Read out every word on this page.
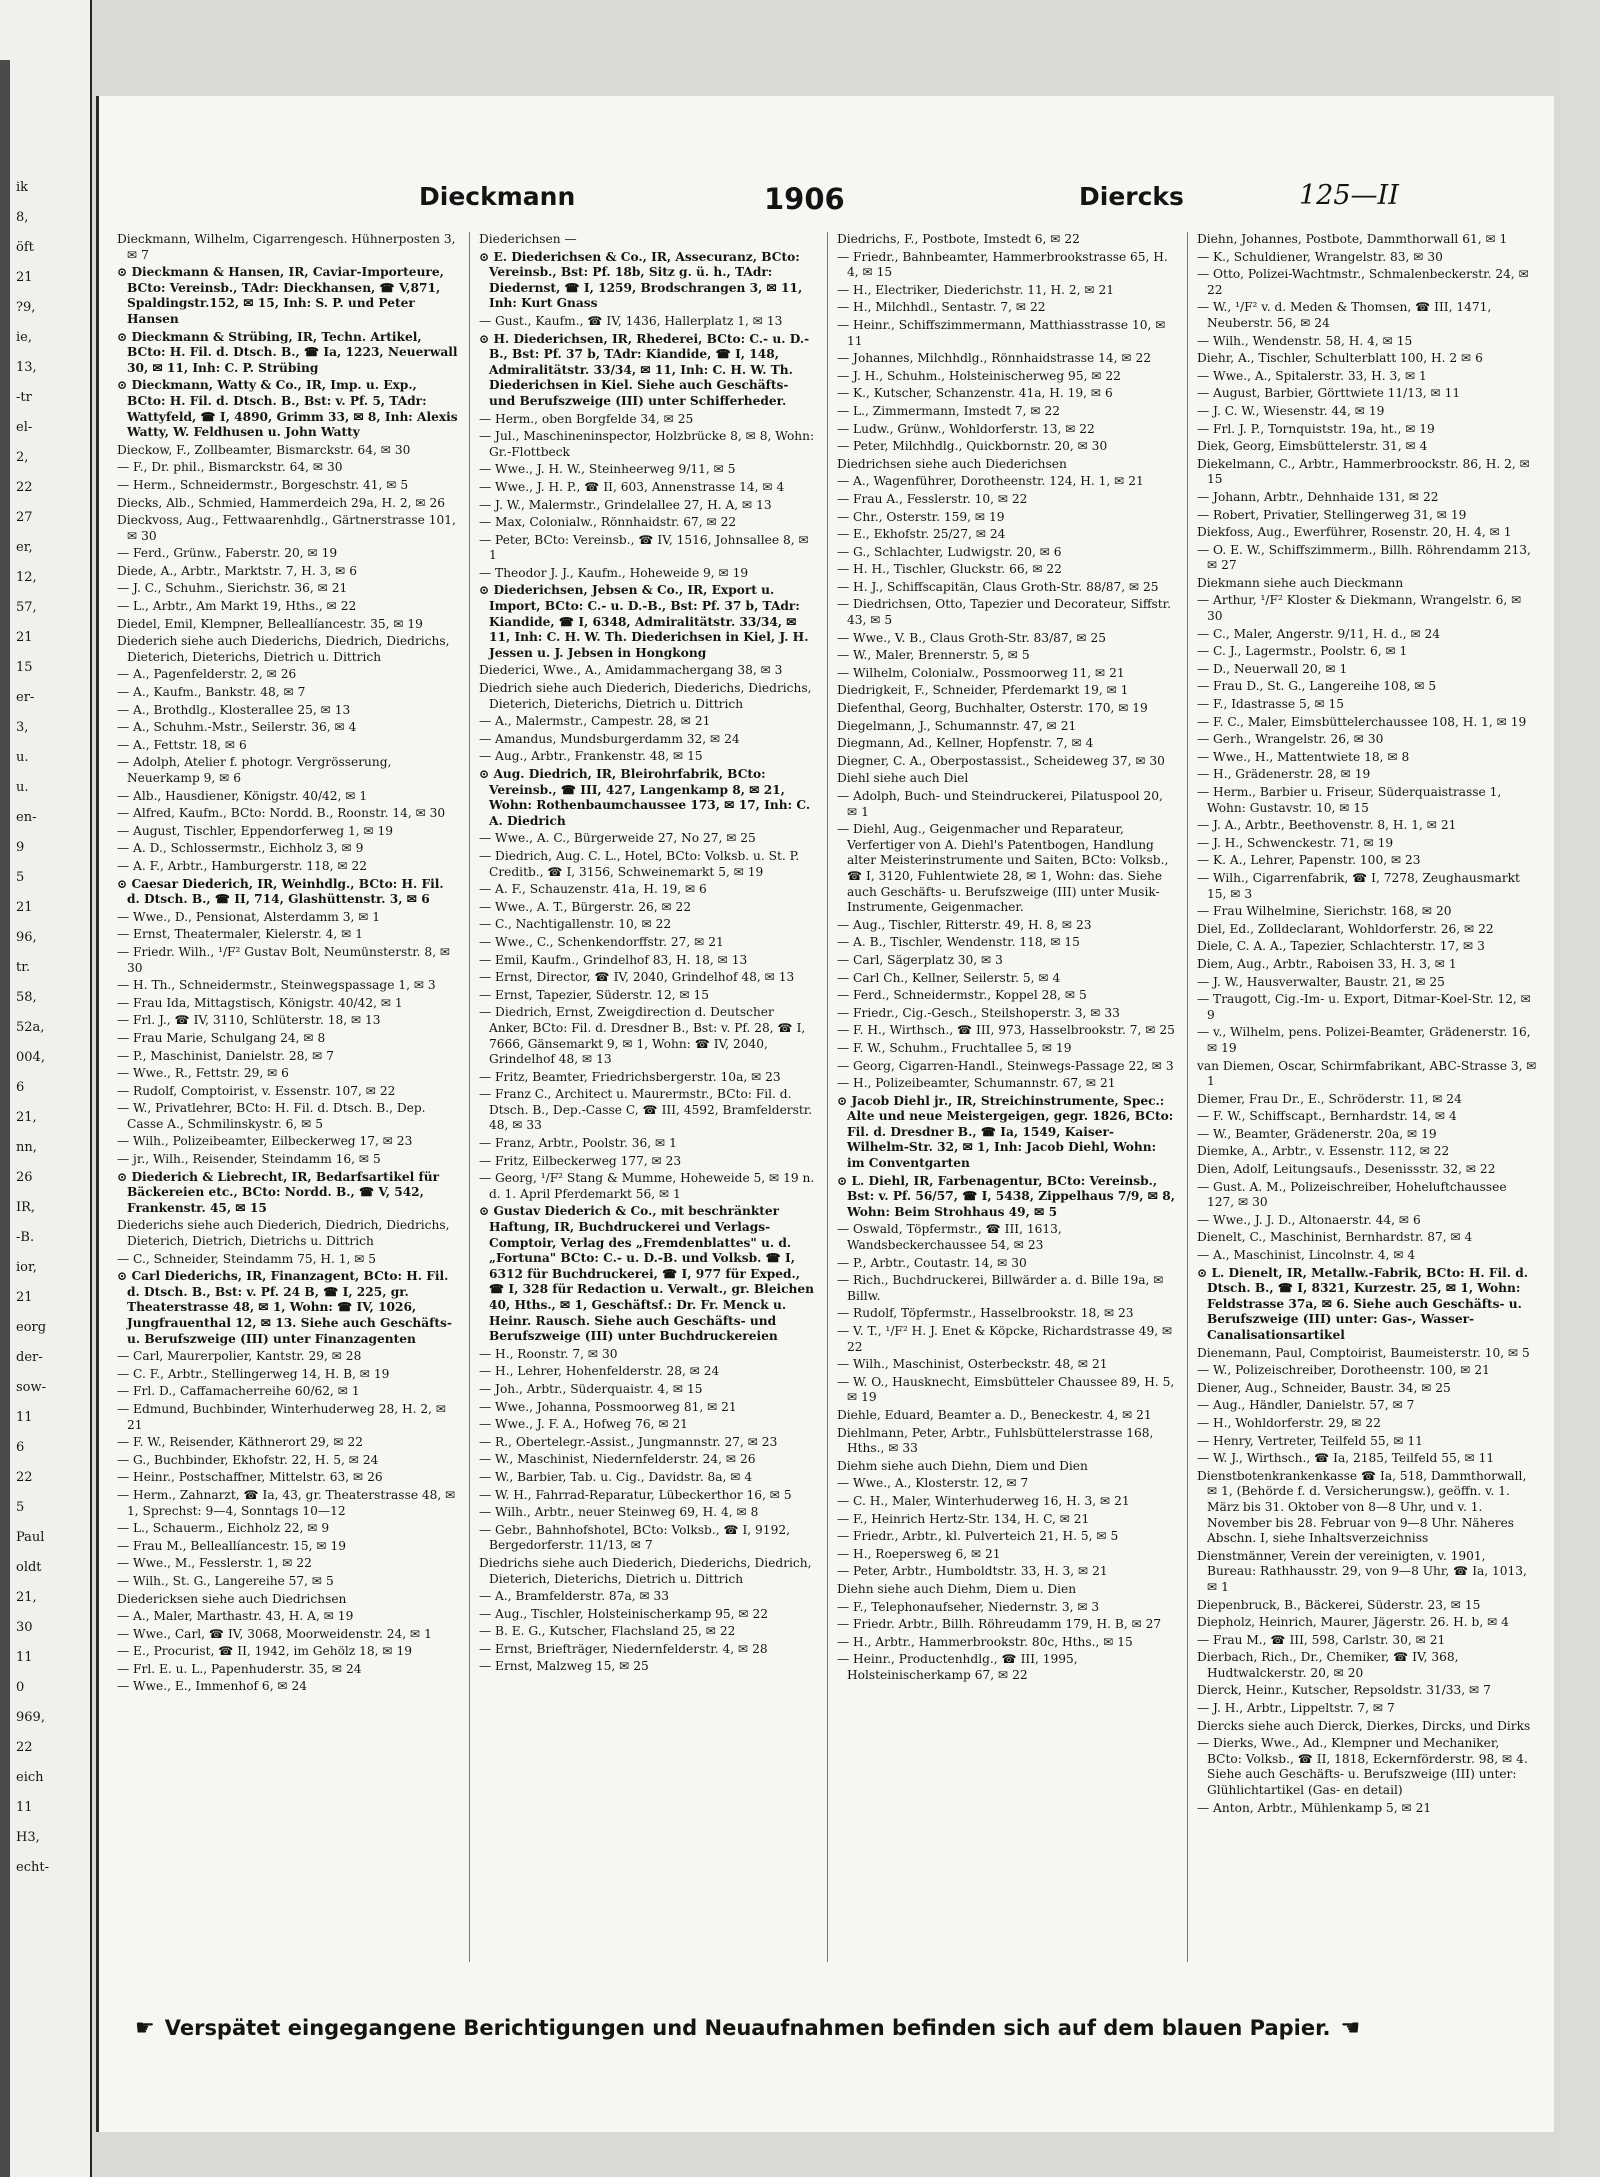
ik
8,
öft
21
?9,
ie,
13,
-tr
el-
2,
22
27
er,
12,
57,
21
15
er-
3,
u.
u.
en-
9
5
21
96,
tr.
58,
52a,
004,
6
21,
nn,
26
IR,
-B.
ior,
21
eorg
der-
sow-
11
6
22
5
Paul
oldt
21,
30
11
0
969,
22
eich
11
H3,
echt-
Dieckmann	1906	Diercks	125—II
Dieckmann, Wilhelm, Cigarrengesch. Hühnerposten 3, ✉ 7
⊙ Dieckmann & Hansen, IR, Caviar-Importeure, BCto: Vereinsb., TAdr: Dieckhansen, ☎ V,871, Spaldingstr.152, ✉ 15, Inh: S. P. und Peter Hansen
⊙ Dieckmann & Strübing, IR, Techn. Artikel, BCto: H. Fil. d. Dtsch. B., ☎ Ia, 1223, Neuerwall 30, ✉ 11, Inh: C. P. Strübing
⊙ Dieckmann, Watty & Co., IR, Imp. u. Exp., BCto: H. Fil. d. Dtsch. B., Bst: v. Pf. 5, TAdr: Wattyfeld, ☎ I, 4890, Grimm 33, ✉ 8, Inh: Alexis Watty, W. Feldhusen u. John Watty
Dieckow, F., Zollbeamter, Bismarckstr. 64, ✉ 30
— F., Dr. phil., Bismarckstr. 64, ✉ 30
— Herm., Schneidermstr., Borgeschstr. 41, ✉ 5
Diecks, Alb., Schmied, Hammerdeich 29a, H. 2, ✉ 26
Dieckvoss, Aug., Fettwaarenhdlg., Gärtnerstrasse 101, ✉ 30
— Ferd., Grünw., Faberstr. 20, ✉ 19
Diede, A., Arbtr., Marktstr. 7, H. 3, ✉ 6
— J. C., Schuhm., Sierichstr. 36, ✉ 21
— L., Arbtr., Am Markt 19, Hths., ✉ 22
Diedel, Emil, Klempner, Belleallíancestr. 35, ✉ 19
Diederich siehe auch Diederichs, Diedrich, Diedrichs, Dieterich, Dieterichs, Dietrich u. Dittrich
— A., Pagenfelderstr. 2, ✉ 26
— A., Kaufm., Bankstr. 48, ✉ 7
— A., Brothdlg., Klosterallee 25, ✉ 13
— A., Schuhm.-Mstr., Seilerstr. 36, ✉ 4
— A., Fettstr. 18, ✉ 6
— Adolph, Atelier f. photogr. Vergrösserung, Neuerkamp 9, ✉ 6
— Alb., Hausdiener, Königstr. 40/42, ✉ 1
— Alfred, Kaufm., BCto: Nordd. B., Roonstr. 14, ✉ 30
— August, Tischler, Eppendorferweg 1, ✉ 19
— A. D., Schlossermstr., Eichholz 3, ✉ 9
— A. F., Arbtr., Hamburgerstr. 118, ✉ 22
⊙ Caesar Diederich, IR, Weinhdlg., BCto: H. Fil. d. Dtsch. B., ☎ II, 714, Glashüttenstr. 3, ✉ 6
— Wwe., D., Pensionat, Alsterdamm 3, ✉ 1
— Ernst, Theatermaler, Kielerstr. 4, ✉ 1
— Friedr. Wilh., ¹/F² Gustav Bolt, Neumünsterstr. 8, ✉ 30
— H. Th., Schneidermstr., Steinwegspassage 1, ✉ 3
— Frau Ida, Mittagstisch, Königstr. 40/42, ✉ 1
— Frl. J., ☎ IV, 3110, Schlüterstr. 18, ✉ 13
— Frau Marie, Schulgang 24, ✉ 8
— P., Maschinist, Danielstr. 28, ✉ 7
— Wwe., R., Fettstr. 29, ✉ 6
— Rudolf, Comptoirist, v. Essenstr. 107, ✉ 22
— W., Privatlehrer, BCto: H. Fil. d. Dtsch. B., Dep. Casse A., Schmilinskystr. 6, ✉ 5
— Wilh., Polizeibeamter, Eilbeckerweg 17, ✉ 23
— jr., Wilh., Reisender, Steindamm 16, ✉ 5
⊙ Diederich & Liebrecht, IR, Bedarfsartikel für Bäckereien etc., BCto: Nordd. B., ☎ V, 542, Frankenstr. 45, ✉ 15
Diederichs siehe auch Diederich, Diedrich, Diedrichs, Dieterich, Dietrich, Dietrichs u. Dittrich
— C., Schneider, Steindamm 75, H. 1, ✉ 5
⊙ Carl Diederichs, IR, Finanzagent, BCto: H. Fil. d. Dtsch. B., Bst: v. Pf. 24 B, ☎ I, 225, gr. Theaterstrasse 48, ✉ 1, Wohn: ☎ IV, 1026, Jungfrauenthal 12, ✉ 13. Siehe auch Geschäfts- u. Berufszweige (III) unter Finanzagenten
— Carl, Maurerpolier, Kantstr. 29, ✉ 28
— C. F., Arbtr., Stellingerweg 14, H. B, ✉ 19
— Frl. D., Caffamacherreihe 60/62, ✉ 1
— Edmund, Buchbinder, Winterhuderweg 28, H. 2, ✉ 21
— F. W., Reisender, Käthnerort 29, ✉ 22
— G., Buchbinder, Ekhofstr. 22, H. 5, ✉ 24
— Heinr., Postschaffner, Mittelstr. 63, ✉ 26
— Herm., Zahnarzt, ☎ Ia, 43, gr. Theaterstrasse 48, ✉ 1, Sprechst: 9—4, Sonntags 10—12
— L., Schauerm., Eichholz 22, ✉ 9
— Frau M., Belleallíancestr. 15, ✉ 19
— Wwe., M., Fesslerstr. 1, ✉ 22
— Wilh., St. G., Langereihe 57, ✉ 5
Diedericksen siehe auch Diedrichsen
— A., Maler, Marthastr. 43, H. A, ✉ 19
— Wwe., Carl, ☎ IV, 3068, Moorweidenstr. 24, ✉ 1
— E., Procurist, ☎ II, 1942, im Gehölz 18, ✉ 19
— Frl. E. u. L., Papenhuderstr. 35, ✉ 24
— Wwe., E., Immenhof 6, ✉ 24
Diederichsen —
⊙ E. Diederichsen & Co., IR, Assecuranz, BCto: Vereinsb., Bst: Pf. 18b, Sitz g. ü. h., TAdr: Diedernst, ☎ I, 1259, Brodschrangen 3, ✉ 11, Inh: Kurt Gnass
— Gust., Kaufm., ☎ IV, 1436, Hallerplatz 1, ✉ 13
⊙ H. Diederichsen, IR, Rhederei, BCto: C.- u. D.-B., Bst: Pf. 37 b, TAdr: Kiandide, ☎ I, 148, Admiralitätstr. 33/34, ✉ 11, Inh: C. H. W. Th. Diederichsen in Kiel. Siehe auch Geschäfts- und Berufszweige (III) unter Schifferheder.
— Herm., oben Borgfelde 34, ✉ 25
— Jul., Maschineninspector, Holzbrücke 8, ✉ 8, Wohn: Gr.-Flottbeck
— Wwe., J. H. W., Steinheerweg 9/11, ✉ 5
— Wwe., J. H. P., ☎ II, 603, Annenstrasse 14, ✉ 4
— J. W., Malermstr., Grindelallee 27, H. A, ✉ 13
— Max, Colonialw., Rönnhaidstr. 67, ✉ 22
— Peter, BCto: Vereinsb., ☎ IV, 1516, Johnsallee 8, ✉ 1
— Theodor J. J., Kaufm., Hoheweide 9, ✉ 19
⊙ Diederichsen, Jebsen & Co., IR, Export u. Import, BCto: C.- u. D.-B., Bst: Pf. 37 b, TAdr: Kiandide, ☎ I, 6348, Admiralitätstr. 33/34, ✉ 11, Inh: C. H. W. Th. Diederichsen in Kiel, J. H. Jessen u. J. Jebsen in Hongkong
Diederici, Wwe., A., Amidammachergang 38, ✉ 3
Diedrich siehe auch Diederich, Diederichs, Diedrichs, Dieterich, Dieterichs, Dietrich u. Dittrich
— A., Malermstr., Campestr. 28, ✉ 21
— Amandus, Mundsburgerdamm 32, ✉ 24
— Aug., Arbtr., Frankenstr. 48, ✉ 15
⊙ Aug. Diedrich, IR, Bleirohrfabrik, BCto: Vereinsb., ☎ III, 427, Langenkamp 8, ✉ 21, Wohn: Rothenbaumchaussee 173, ✉ 17, Inh: C. A. Diedrich
— Wwe., A. C., Bürgerweide 27, No 27, ✉ 25
— Diedrich, Aug. C. L., Hotel, BCto: Volksb. u. St. P. Creditb., ☎ I, 3156, Schweinemarkt 5, ✉ 19
— A. F., Schauzenstr. 41a, H. 19, ✉ 6
— Wwe., A. T., Bürgerstr. 26, ✉ 22
— C., Nachtigallenstr. 10, ✉ 22
— Wwe., C., Schenkendorffstr. 27, ✉ 21
— Emil, Kaufm., Grindelhof 83, H. 18, ✉ 13
— Ernst, Director, ☎ IV, 2040, Grindelhof 48, ✉ 13
— Ernst, Tapezier, Süderstr. 12, ✉ 15
— Diedrich, Ernst, Zweigdirection d. Deutscher Anker, BCto: Fil. d. Dresdner B., Bst: v. Pf. 28, ☎ I, 7666, Gänsemarkt 9, ✉ 1, Wohn: ☎ IV, 2040, Grindelhof 48, ✉ 13
— Fritz, Beamter, Friedrichsbergerstr. 10a, ✉ 23
— Franz C., Architect u. Maurermstr., BCto: Fil. d. Dtsch. B., Dep.-Casse C, ☎ III, 4592, Bramfelderstr. 48, ✉ 33
— Franz, Arbtr., Poolstr. 36, ✉ 1
— Fritz, Eilbeckerweg 177, ✉ 23
— Georg, ¹/F² Stang & Mumme, Hoheweide 5, ✉ 19 n. d. 1. April Pferdemarkt 56, ✉ 1
⊙ Gustav Diederich & Co., mit beschränkter Haftung, IR, Buchdruckerei und Verlags-Comptoir, Verlag des „Fremdenblattes" u. d. „Fortuna" BCto: C.- u. D.-B. und Volksb. ☎ I, 6312 für Buchdruckerei, ☎ I, 977 für Exped., ☎ I, 328 für Redaction u. Verwalt., gr. Bleichen 40, Hths., ✉ 1, Geschäftsf.: Dr. Fr. Menck u. Heinr. Rausch. Siehe auch Geschäfts- und Berufszweige (III) unter Buchdruckereien
— H., Roonstr. 7, ✉ 30
— H., Lehrer, Hohenfelderstr. 28, ✉ 24
— Joh., Arbtr., Süderquaistr. 4, ✉ 15
— Wwe., Johanna, Possmoorweg 81, ✉ 21
— Wwe., J. F. A., Hofweg 76, ✉ 21
— R., Obertelegr.-Assist., Jungmannstr. 27, ✉ 23
— W., Maschinist, Niedernfelderstr. 24, ✉ 26
— W., Barbier, Tab. u. Cig., Davidstr. 8a, ✉ 4
— W. H., Fahrrad-Reparatur, Lübeckerthor 16, ✉ 5
— Wilh., Arbtr., neuer Steinweg 69, H. 4, ✉ 8
— Gebr., Bahnhofshotel, BCto: Volksb., ☎ I, 9192, Bergedorferstr. 11/13, ✉ 7
Diedrichs siehe auch Diederich, Diederichs, Diedrich, Dieterich, Dieterichs, Dietrich u. Dittrich
— A., Bramfelderstr. 87a, ✉ 33
— Aug., Tischler, Holsteinischerkamp 95, ✉ 22
— B. E. G., Kutscher, Flachsland 25, ✉ 22
— Ernst, Briefträger, Niedernfelderstr. 4, ✉ 28
— Ernst, Malzweg 15, ✉ 25
Diedrichs, F., Postbote, Imstedt 6, ✉ 22
— Friedr., Bahnbeamter, Hammerbrookstrasse 65, H. 4, ✉ 15
— H., Electriker, Diederichstr. 11, H. 2, ✉ 21
— H., Milchhdl., Sentastr. 7, ✉ 22
— Heinr., Schiffszimmermann, Matthiasstrasse 10, ✉ 11
— Johannes, Milchhdlg., Rönnhaidstrasse 14, ✉ 22
— J. H., Schuhm., Holsteinischerweg 95, ✉ 22
— K., Kutscher, Schanzenstr. 41a, H. 19, ✉ 6
— L., Zimmermann, Imstedt 7, ✉ 22
— Ludw., Grünw., Wohldorferstr. 13, ✉ 22
— Peter, Milchhdlg., Quickbornstr. 20, ✉ 30
Diedrichsen siehe auch Diederichsen
— A., Wagenführer, Dorotheenstr. 124, H. 1, ✉ 21
— Frau A., Fesslerstr. 10, ✉ 22
— Chr., Osterstr. 159, ✉ 19
— E., Ekhofstr. 25/27, ✉ 24
— G., Schlachter, Ludwigstr. 20, ✉ 6
— H. H., Tischler, Gluckstr. 66, ✉ 22
— H. J., Schiffscapitän, Claus Groth-Str. 88/87, ✉ 25
— Diedrichsen, Otto, Tapezier und Decorateur, Siffstr. 43, ✉ 5
— Wwe., V. B., Claus Groth-Str. 83/87, ✉ 25
— W., Maler, Brennerstr. 5, ✉ 5
— Wilhelm, Colonialw., Possmoorweg 11, ✉ 21
Diedrigkeit, F., Schneider, Pferdemarkt 19, ✉ 1
Diefenthal, Georg, Buchhalter, Osterstr. 170, ✉ 19
Diegelmann, J., Schumannstr. 47, ✉ 21
Diegmann, Ad., Kellner, Hopfenstr. 7, ✉ 4
Diegner, C. A., Oberpostassist., Scheideweg 37, ✉ 30
Diehl siehe auch Diel
— Adolph, Buch- und Steindruckerei, Pilatuspool 20, ✉ 1
— Diehl, Aug., Geigenmacher und Reparateur, Verfertiger von A. Diehl's Patentbogen, Handlung alter Meisterinstrumente und Saiten, BCto: Volksb., ☎ I, 3120, Fuhlentwiete 28, ✉ 1, Wohn: das. Siehe auch Geschäfts- u. Berufszweige (III) unter Musik-Instrumente, Geigenmacher.
— Aug., Tischler, Ritterstr. 49, H. 8, ✉ 23
— A. B., Tischler, Wendenstr. 118, ✉ 15
— Carl, Sägerplatz 30, ✉ 3
— Carl Ch., Kellner, Seilerstr. 5, ✉ 4
— Ferd., Schneidermstr., Koppel 28, ✉ 5
— Friedr., Cig.-Gesch., Steilshoperstr. 3, ✉ 33
— F. H., Wirthsch., ☎ III, 973, Hasselbrookstr. 7, ✉ 25
— F. W., Schuhm., Fruchtallee 5, ✉ 19
— Georg, Cigarren-Handl., Steinwegs-Passage 22, ✉ 3
— H., Polizeibeamter, Schumannstr. 67, ✉ 21
⊙ Jacob Diehl jr., IR, Streichinstrumente, Spec.: Alte und neue Meistergeigen, gegr. 1826, BCto: Fil. d. Dresdner B., ☎ Ia, 1549, Kaiser-Wilhelm-Str. 32, ✉ 1, Inh: Jacob Diehl, Wohn: im Conventgarten
⊙ L. Diehl, IR, Farbenagentur, BCto: Vereinsb., Bst: v. Pf. 56/57, ☎ I, 5438, Zippelhaus 7/9, ✉ 8, Wohn: Beim Strohhaus 49, ✉ 5
— Oswald, Töpfermstr., ☎ III, 1613, Wandsbeckerchaussee 54, ✉ 23
— P., Arbtr., Coutastr. 14, ✉ 30
— Rich., Buchdruckerei, Billwärder a. d. Bille 19a, ✉ Billw.
— Rudolf, Töpfermstr., Hasselbrookstr. 18, ✉ 23
— V. T., ¹/F² H. J. Enet & Köpcke, Richardstrasse 49, ✉ 22
— Wilh., Maschinist, Osterbeckstr. 48, ✉ 21
— W. O., Hausknecht, Eimsbütteler Chaussee 89, H. 5, ✉ 19
Diehle, Eduard, Beamter a. D., Beneckestr. 4, ✉ 21
Diehlmann, Peter, Arbtr., Fuhlsbüttelerstrasse 168, Hths., ✉ 33
Diehm siehe auch Diehn, Diem und Dien
— Wwe., A., Klosterstr. 12, ✉ 7
— C. H., Maler, Winterhuderweg 16, H. 3, ✉ 21
— F., Heinrich Hertz-Str. 134, H. C, ✉ 21
— Friedr., Arbtr., kl. Pulverteich 21, H. 5, ✉ 5
— H., Roepersweg 6, ✉ 21
— Peter, Arbtr., Humboldtstr. 33, H. 3, ✉ 21
Diehn siehe auch Diehm, Diem u. Dien
— F., Telephonaufseher, Niedernstr. 3, ✉ 3
— Friedr. Arbtr., Billh. Röhreudamm 179, H. B, ✉ 27
— H., Arbtr., Hammerbrookstr. 80c, Hths., ✉ 15
— Heinr., Productenhdlg., ☎ III, 1995, Holsteinischerkamp 67, ✉ 22
Diehn, Johannes, Postbote, Dammthorwall 61, ✉ 1
— K., Schuldiener, Wrangelstr. 83, ✉ 30
— Otto, Polizei-Wachtmstr., Schmalenbeckerstr. 24, ✉ 22
— W., ¹/F² v. d. Meden & Thomsen, ☎ III, 1471, Neuberstr. 56, ✉ 24
— Wilh., Wendenstr. 58, H. 4, ✉ 15
Diehr, A., Tischler, Schulterblatt 100, H. 2 ✉ 6
— Wwe., A., Spitalerstr. 33, H. 3, ✉ 1
— August, Barbier, Görttwiete 11/13, ✉ 11
— J. C. W., Wiesenstr. 44, ✉ 19
— Frl. J. P., Tornquiststr. 19a, ht., ✉ 19
Diek, Georg, Eimsbüttelerstr. 31, ✉ 4
Diekelmann, C., Arbtr., Hammerbroockstr. 86, H. 2, ✉ 15
— Johann, Arbtr., Dehnhaide 131, ✉ 22
— Robert, Privatier, Stellingerweg 31, ✉ 19
Diekfoss, Aug., Ewerführer, Rosenstr. 20, H. 4, ✉ 1
— O. E. W., Schiffszimmerm., Billh. Röhrendamm 213, ✉ 27
Diekmann siehe auch Dieckmann
— Arthur, ¹/F² Kloster & Diekmann, Wrangelstr. 6, ✉ 30
— C., Maler, Angerstr. 9/11, H. d., ✉ 24
— C. J., Lagermstr., Poolstr. 6, ✉ 1
— D., Neuerwall 20, ✉ 1
— Frau D., St. G., Langereihe 108, ✉ 5
— F., Idastrasse 5, ✉ 15
— F. C., Maler, Eimsbüttelerchaussee 108, H. 1, ✉ 19
— Gerh., Wrangelstr. 26, ✉ 30
— Wwe., H., Mattentwiete 18, ✉ 8
— H., Grädenerstr. 28, ✉ 19
— Herm., Barbier u. Friseur, Süderquaistrasse 1, Wohn: Gustavstr. 10, ✉ 15
— J. A., Arbtr., Beethovenstr. 8, H. 1, ✉ 21
— J. H., Schwenckestr. 71, ✉ 19
— K. A., Lehrer, Papenstr. 100, ✉ 23
— Wilh., Cigarrenfabrik, ☎ I, 7278, Zeughausmarkt 15, ✉ 3
— Frau Wilhelmine, Sierichstr. 168, ✉ 20
Diel, Ed., Zolldeclarant, Wohldorferstr. 26, ✉ 22
Diele, C. A. A., Tapezier, Schlachterstr. 17, ✉ 3
Diem, Aug., Arbtr., Raboisen 33, H. 3, ✉ 1
— J. W., Hausverwalter, Baustr. 21, ✉ 25
— Traugott, Cig.-Im- u. Export, Ditmar-Koel-Str. 12, ✉ 9
— v., Wilhelm, pens. Polizei-Beamter, Grädenerstr. 16, ✉ 19
van Diemen, Oscar, Schirmfabrikant, ABC-Strasse 3, ✉ 1
Diemer, Frau Dr., E., Schröderstr. 11, ✉ 24
— F. W., Schiffscapt., Bernhardstr. 14, ✉ 4
— W., Beamter, Grädenerstr. 20a, ✉ 19
Diemke, A., Arbtr., v. Essenstr. 112, ✉ 22
Dien, Adolf, Leitungsaufs., Desenissstr. 32, ✉ 22
— Gust. A. M., Polizeischreiber, Hoheluftchaussee 127, ✉ 30
— Wwe., J. J. D., Altonaerstr. 44, ✉ 6
Dienelt, C., Maschinist, Bernhardstr. 87, ✉ 4
— A., Maschinist, Lincolnstr. 4, ✉ 4
⊙ L. Dienelt, IR, Metallw.-Fabrik, BCto: H. Fil. d. Dtsch. B., ☎ I, 8321, Kurzestr. 25, ✉ 1, Wohn: Feldstrasse 37a, ✉ 6. Siehe auch Geschäfts- u. Berufszweige (III) unter: Gas-, Wasser-Canalisationsartikel
Dienemann, Paul, Comptoirist, Baumeisterstr. 10, ✉ 5
— W., Polizeischreiber, Dorotheenstr. 100, ✉ 21
Diener, Aug., Schneider, Baustr. 34, ✉ 25
— Aug., Händler, Danielstr. 57, ✉ 7
— H., Wohldorferstr. 29, ✉ 22
— Henry, Vertreter, Teilfeld 55, ✉ 11
— W. J., Wirthsch., ☎ Ia, 2185, Teilfeld 55, ✉ 11
Dienstbotenkrankenkasse ☎ Ia, 518, Dammthorwall, ✉ 1, (Behörde f. d. Versicherungsw.), geöffn. v. 1. März bis 31. Oktober von 8—8 Uhr, und v. 1. November bis 28. Februar von 9—8 Uhr. Näheres Abschn. I, siehe Inhaltsverzeichniss
Dienstmänner, Verein der vereinigten, v. 1901, Bureau: Rathhausstr. 29, von 9—8 Uhr, ☎ Ia, 1013, ✉ 1
Diepenbruck, B., Bäckerei, Süderstr. 23, ✉ 15
Diepholz, Heinrich, Maurer, Jägerstr. 26. H. b, ✉ 4
— Frau M., ☎ III, 598, Carlstr. 30, ✉ 21
Dierbach, Rich., Dr., Chemiker, ☎ IV, 368, Hudtwalckerstr. 20, ✉ 20
Dierck, Heinr., Kutscher, Repsoldstr. 31/33, ✉ 7
— J. H., Arbtr., Lippeltstr. 7, ✉ 7
Diercks siehe auch Dierck, Dierkes, Dircks, und Dirks
— Dierks, Wwe., Ad., Klempner und Mechaniker, BCto: Volksb., ☎ II, 1818, Eckernförderstr. 98, ✉ 4. Siehe auch Geschäfts- u. Berufszweige (III) unter: Glühlichtartikel (Gas- en detail)
— Anton, Arbtr., Mühlenkamp 5, ✉ 21
☛ Verspätet eingegangene Berichtigungen und Neuaufnahmen befinden sich auf dem blauen Papier. ☚
